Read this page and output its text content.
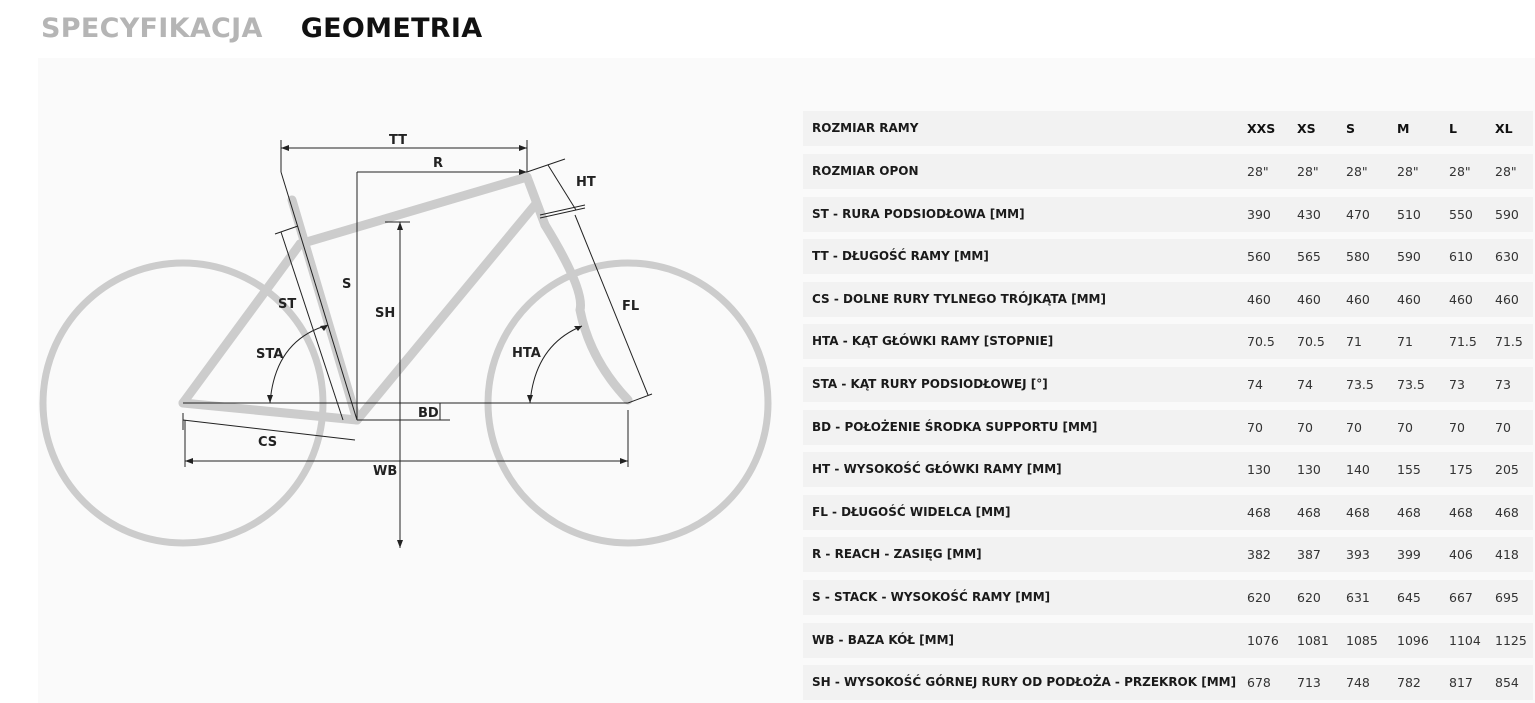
SPECYFIKACJA GEOMETRIA
TT
R
HT
ST
S
SH
STA	HTA
FL
BD
CS
WB
ROZMIAR RAMY	XXS XS S	M	L	XL
ROZMIAR OPON	28" 28" 28" 28" 28" 28"
ST - RURA PODSIODŁOWA [MM]	390 430 470 510 550 590
TT - DŁUGOŚĆ RAMY [MM]	560 565 580 590 610 630
CS - DOLNE RURY TYLNEGO TRÓJKĄTA [MM]	460 460 460 460 460 460
HTA - KĄT GŁÓWKI RAMY [STOPNIE]	70.5 70.5 71	71	71.5 71.5
STA - KĄT RURY PODSIODŁOWEJ [°]	74	74	73.5 73.5 73 73
BD - POŁOŻENIE ŚRODKA SUPPORTU [MM]	70	70	70	70	70 70
HT - WYSOKOŚĆ GŁÓWKI RAMY [MM]	130 130 140 155 175 205
FL - DŁUGOŚĆ WIDELCA [MM]	468 468 468 468 468 468
R - REACH - ZASIĘG [MM]	382 387 393 399 406 418
S - STACK - WYSOKOŚĆ RAMY [MM]	620 620 631 645 667 695
WB - BAZA KÓŁ [MM]	1076 1081 1085 1096 1104 1125
SH - WYSOKOŚĆ GÓRNEJ RURY OD PODŁOŻA - PRZEKROK [MM] 678 713 748 782 817 854
